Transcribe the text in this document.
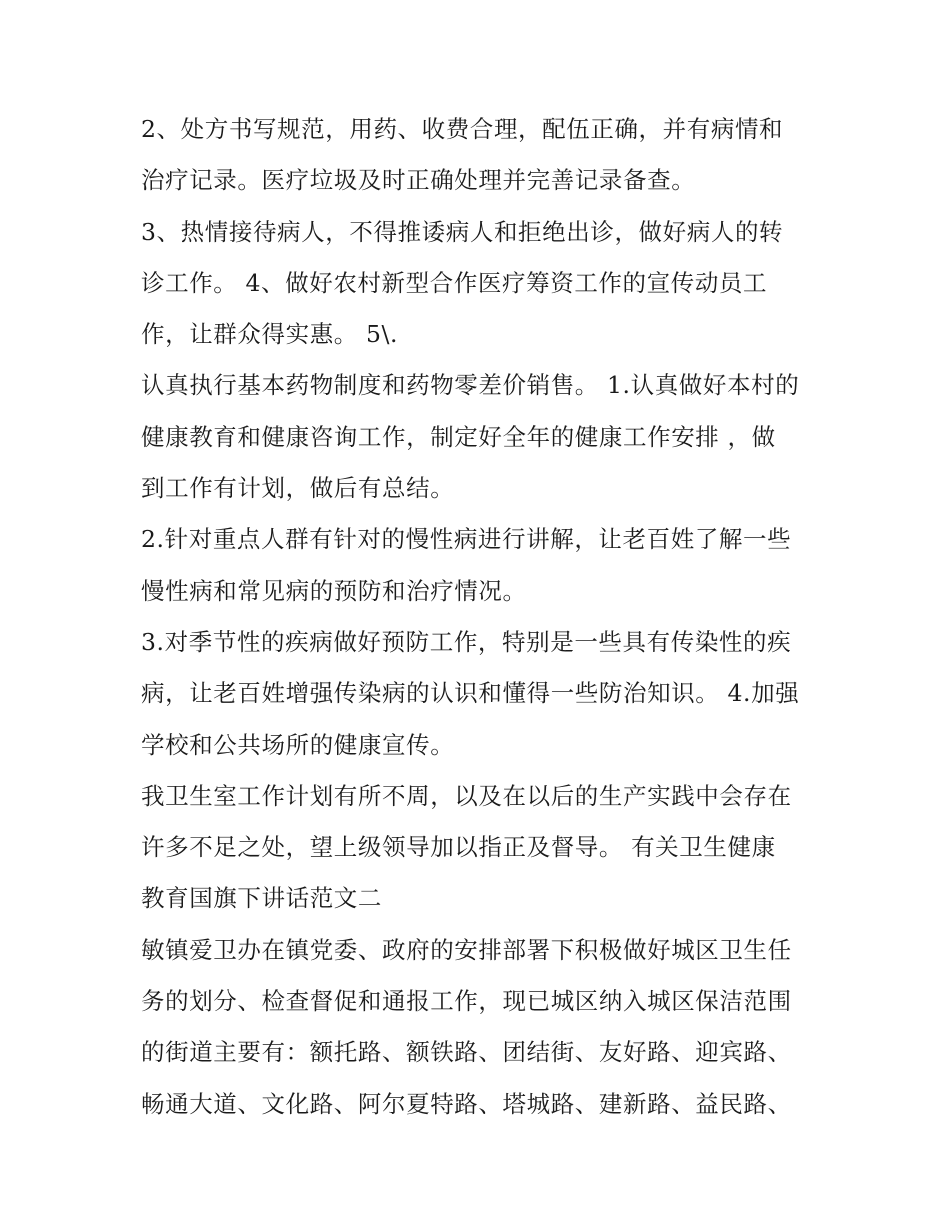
2、处方书写规范，用药、收费合理，配伍正确，并有病情和
治疗记录。医疗垃圾及时正确处理并完善记录备查。

3、热情接待病人，不得推诿病人和拒绝出诊，做好病人的转
诊工作。 4、做好农村新型合作医疗筹资工作的宣传动员工
作，让群众得实惠。 5\.

认真执行基本药物制度和药物零差价销售。 1.认真做好本村的
健康教育和健康咨询工作，制定好全年的健康工作安排 ，做
到工作有计划，做后有总结。

2.针对重点人群有针对的慢性病进行讲解，让老百姓了解一些
慢性病和常见病的预防和治疗情况。

3.对季节性的疾病做好预防工作，特别是一些具有传染性的疾
病，让老百姓增强传染病的认识和懂得一些防治知识。 4.加强
学校和公共场所的健康宣传。

我卫生室工作计划有所不周，以及在以后的生产实践中会存在
许多不足之处，望上级领导加以指正及督导。 有关卫生健康
教育国旗下讲话范文二

敏镇爱卫办在镇党委、政府的安排部署下积极做好城区卫生任
务的划分、检查督促和通报工作，现已城区纳入城区保洁范围
的街道主要有：额托路、额铁路、团结街、友好路、迎宾路、
畅通大道、文化路、阿尔夏特路、塔城路、建新路、益民路、
